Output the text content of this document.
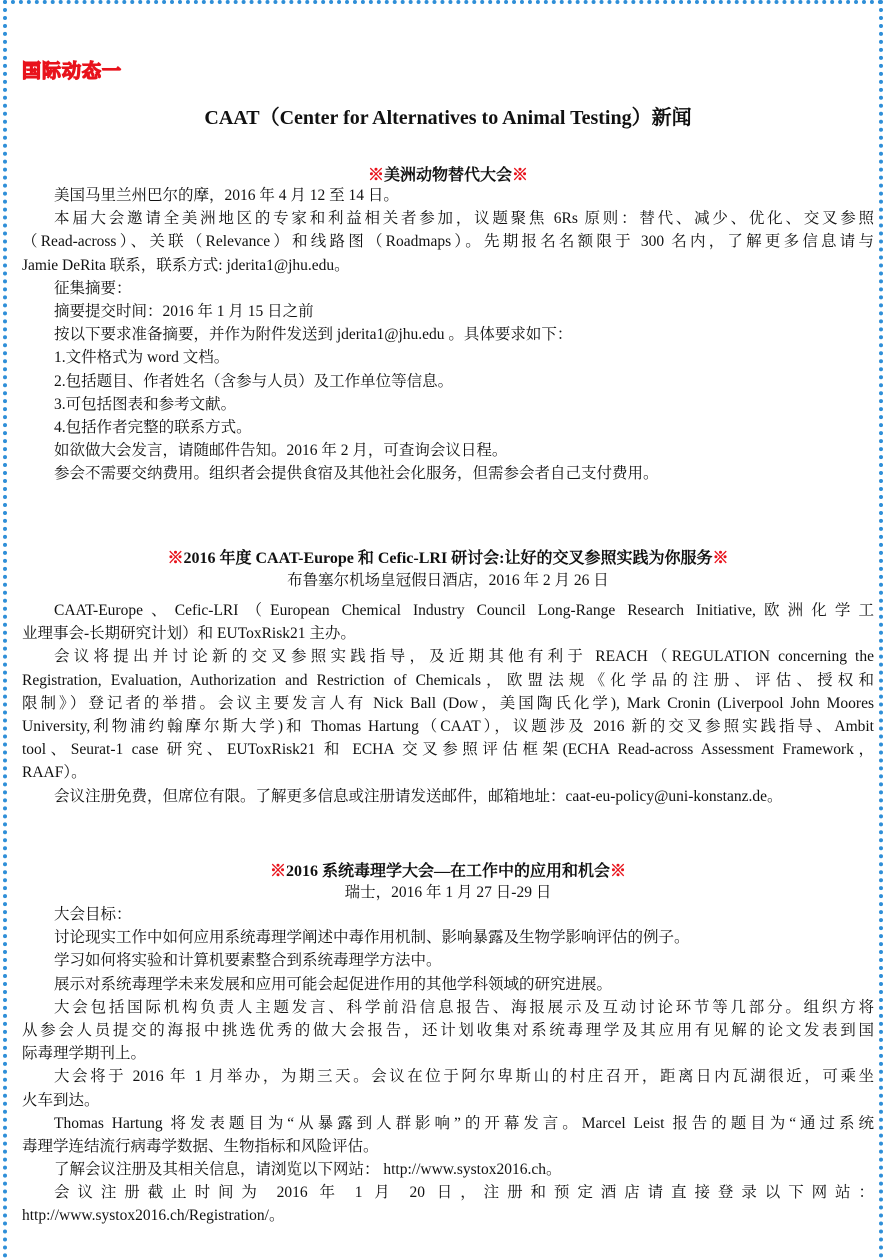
国际动态一
CAAT（Center for Alternatives to Animal Testing）新闻
※美洲动物替代大会※
美国马里兰州巴尔的摩，2016 年 4 月 12 至 14 日。
本届大会邀请全美洲地区的专家和利益相关者参加，议题聚焦 6Rs 原则：替代、减少、优化、交叉参照
（Read-across）、关联（Relevance）和线路图（Roadmaps）。先期报名名额限于 300 名内，了解更多信息请与
Jamie DeRita 联系，联系方式: jderita1@jhu.edu。
征集摘要：
摘要提交时间：2016 年 1 月 15 日之前
按以下要求准备摘要，并作为附件发送到 jderita1@jhu.edu 。具体要求如下：
1.文件格式为 word 文档。
2.包括题目、作者姓名（含参与人员）及工作单位等信息。
3.可包括图表和参考文献。
4.包括作者完整的联系方式。
如欲做大会发言，请随邮件告知。2016 年 2 月，可查询会议日程。
参会不需要交纳费用。组织者会提供食宿及其他社会化服务，但需参会者自己支付费用。
※2016 年度 CAAT-Europe 和 Cefic-LRI 研讨会:让好的交叉参照实践为你服务※
布鲁塞尔机场皇冠假日酒店，2016 年 2 月 26 日
CAAT-Europe、Cefic-LRI（European Chemical Industry Council Long-Range Research Initiative,欧洲化学工
业理事会-长期研究计划）和 EUToxRisk21 主办。
会议将提出并讨论新的交叉参照实践指导，及近期其他有利于 REACH（REGULATION concerning the
Registration, Evaluation, Authorization and Restriction of Chemicals，欧盟法规《化学品的注册、评估、授权和
限制》）登记者的举措。会议主要发言人有 Nick Ball (Dow，美国陶氏化学), Mark Cronin (Liverpool John Moores
University,利物浦约翰摩尔斯大学)和 Thomas Hartung（CAAT），议题涉及 2016 新的交叉参照实践指导、Ambit
tool、Seurat-1 case 研究、EUToxRisk21 和 ECHA 交叉参照评估框架(ECHA Read-across Assessment Framework，
RAAF）。
会议注册免费，但席位有限。了解更多信息或注册请发送邮件，邮箱地址：caat-eu-policy@uni-konstanz.de。
※2016 系统毒理学大会—在工作中的应用和机会※
瑞士，2016 年 1 月 27 日-29 日
大会目标：
讨论现实工作中如何应用系统毒理学阐述中毒作用机制、影响暴露及生物学影响评估的例子。
学习如何将实验和计算机要素整合到系统毒理学方法中。
展示对系统毒理学未来发展和应用可能会起促进作用的其他学科领域的研究进展。
大会包括国际机构负责人主题发言、科学前沿信息报告、海报展示及互动讨论环节等几部分。组织方将
从参会人员提交的海报中挑选优秀的做大会报告，还计划收集对系统毒理学及其应用有见解的论文发表到国
际毒理学期刊上。
大会将于 2016 年 1 月举办，为期三天。会议在位于阿尔卑斯山的村庄召开，距离日内瓦湖很近，可乘坐
火车到达。
Thomas Hartung 将发表题目为“从暴露到人群影响”的开幕发言。Marcel Leist 报告的题目为“通过系统
毒理学连结流行病毒学数据、生物指标和风险评估。
了解会议注册及其相关信息，请浏览以下网站： http://www.systox2016.ch。
会议注册截止时间为 2016 年 1 月 20 日，注册和预定酒店请直接登录以下网站：
http://www.systox2016.ch/Registration/。
